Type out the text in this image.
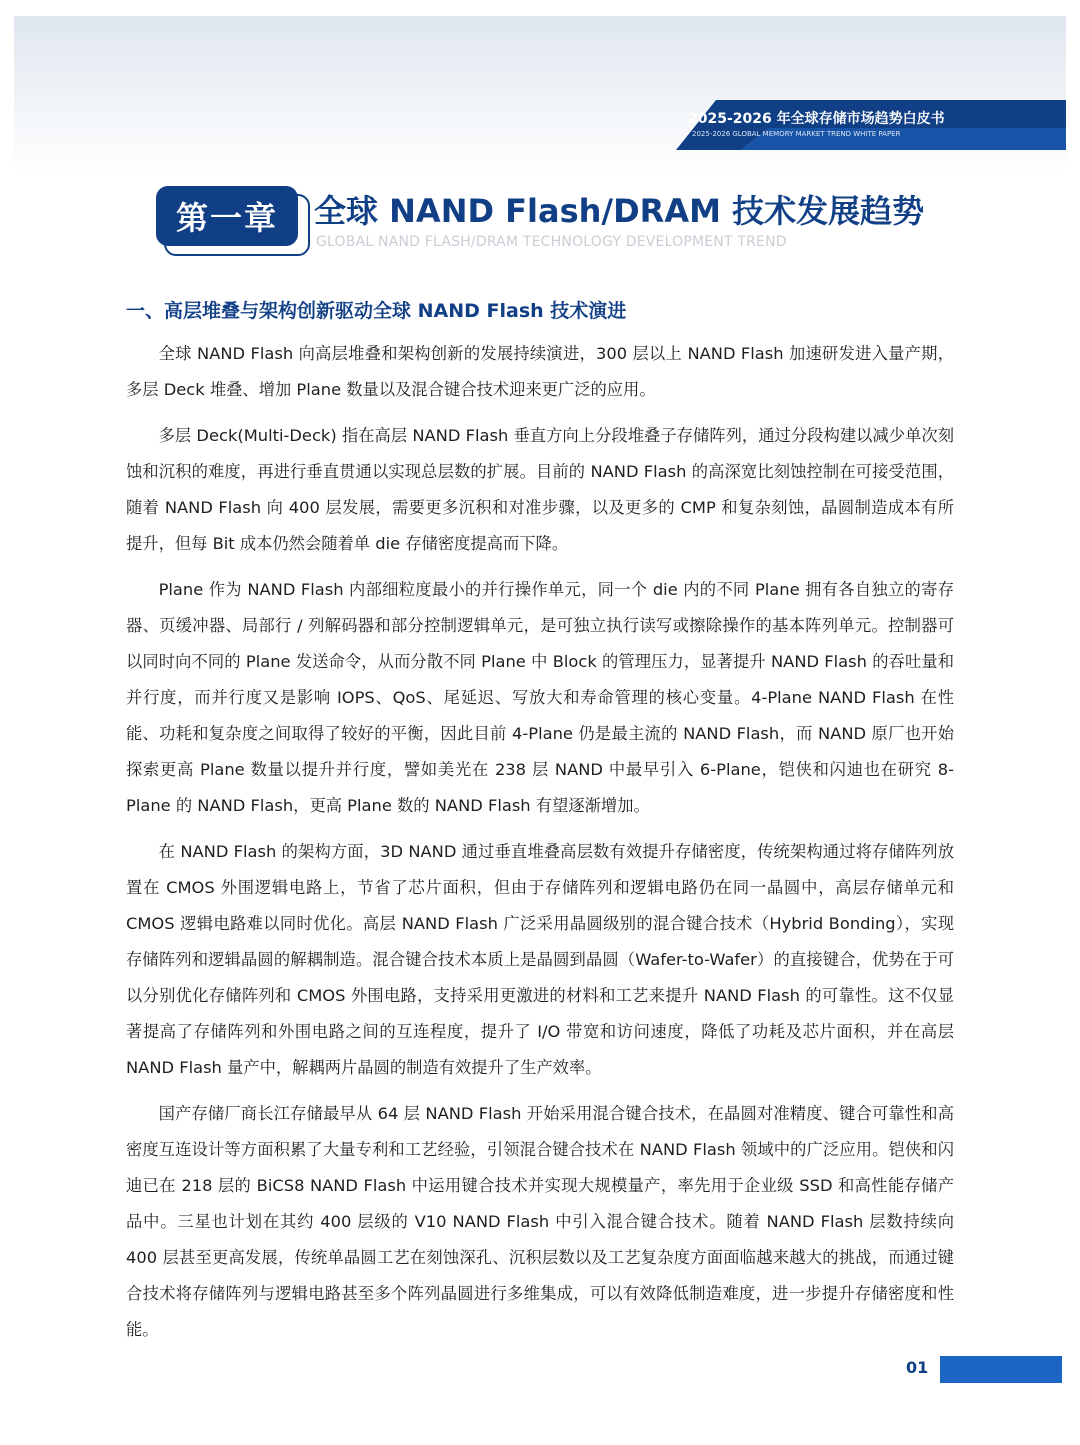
2025-2026 年全球存储市场趋势白皮书
2025-2026 GLOBAL MEMORY MARKET TREND WHITE PAPER
第一章	全球 NAND Flash/DRAM 技术发展趋势
GLOBAL NAND FLASH/DRAM TECHNOLOGY DEVELOPMENT TREND
一、高层堆叠与架构创新驱动全球 NAND Flash 技术演进

全球 NAND Flash 向高层堆叠和架构创新的发展持续演进，300 层以上 NAND Flash 加速研发进入量产期，多层 Deck 堆叠、增加 Plane 数量以及混合键合技术迎来更广泛的应用。

多层 Deck(Multi-Deck) 指在高层 NAND Flash 垂直方向上分段堆叠子存储阵列，通过分段构建以减少单次刻蚀和沉积的难度，再进行垂直贯通以实现总层数的扩展。目前的 NAND Flash 的高深宽比刻蚀控制在可接受范围，随着 NAND Flash 向 400 层发展，需要更多沉积和对准步骤，以及更多的 CMP 和复杂刻蚀，晶圆制造成本有所提升，但每 Bit 成本仍然会随着单 die 存储密度提高而下降。

Plane 作为 NAND Flash 内部细粒度最小的并行操作单元，同一个 die 内的不同 Plane 拥有各自独立的寄存器、页缓冲器、局部行 / 列解码器和部分控制逻辑单元，是可独立执行读写或擦除操作的基本阵列单元。控制器可以同时向不同的 Plane 发送命令，从而分散不同 Plane 中 Block 的管理压力，显著提升 NAND Flash 的吞吐量和并行度，而并行度又是影响 IOPS、QoS、尾延迟、写放大和寿命管理的核心变量。4-Plane NAND Flash 在性能、功耗和复杂度之间取得了较好的平衡，因此目前 4-Plane 仍是最主流的 NAND Flash，而 NAND 原厂也开始探索更高 Plane 数量以提升并行度，譬如美光在 238 层 NAND 中最早引入 6-Plane，铠侠和闪迪也在研究 8-Plane 的 NAND Flash，更高 Plane 数的 NAND Flash 有望逐渐增加。

在 NAND Flash 的架构方面，3D NAND 通过垂直堆叠高层数有效提升存储密度，传统架构通过将存储阵列放置在 CMOS 外围逻辑电路上，节省了芯片面积，但由于存储阵列和逻辑电路仍在同一晶圆中，高层存储单元和 CMOS 逻辑电路难以同时优化。高层 NAND Flash 广泛采用晶圆级别的混合键合技术（Hybrid Bonding），实现存储阵列和逻辑晶圆的解耦制造。混合键合技术本质上是晶圆到晶圆（Wafer-to-Wafer）的直接键合，优势在于可以分别优化存储阵列和 CMOS 外围电路，支持采用更激进的材料和工艺来提升 NAND Flash 的可靠性。这不仅显著提高了存储阵列和外围电路之间的互连程度，提升了 I/O 带宽和访问速度，降低了功耗及芯片面积，并在高层 NAND Flash 量产中，解耦两片晶圆的制造有效提升了生产效率。

国产存储厂商长江存储最早从 64 层 NAND Flash 开始采用混合键合技术，在晶圆对准精度、键合可靠性和高密度互连设计等方面积累了大量专利和工艺经验，引领混合键合技术在 NAND Flash 领域中的广泛应用。铠侠和闪迪已在 218 层的 BiCS8 NAND Flash 中运用键合技术并实现大规模量产，率先用于企业级 SSD 和高性能存储产品中。三星也计划在其约 400 层级的 V10 NAND Flash 中引入混合键合技术。随着 NAND Flash 层数持续向 400 层甚至更高发展，传统单晶圆工艺在刻蚀深孔、沉积层数以及工艺复杂度方面面临越来越大的挑战，而通过键合技术将存储阵列与逻辑电路甚至多个阵列晶圆进行多维集成，可以有效降低制造难度，进一步提升存储密度和性能。

01
